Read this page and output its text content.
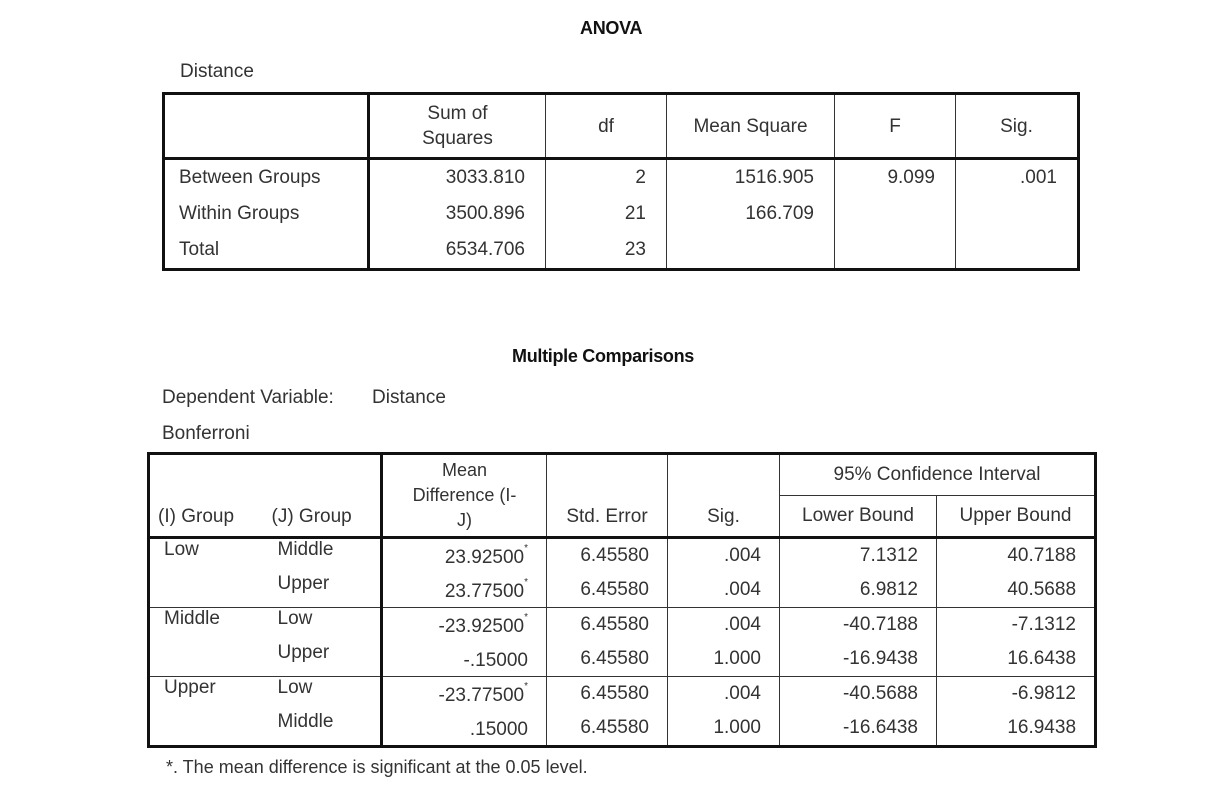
ANOVA
Distance
	Sum of
Squares	df	Mean Square	F	Sig.
Between Groups	3033.810	2	1516.905	9.099	.001
Within Groups	3500.896	21	166.709		
Total	6534.706	23			
Multiple Comparisons
Dependent Variable: Distance
Bonferroni
(I) Group	(J) Group	Mean
Difference (I-
J)	Std. Error	Sig.	95% Confidence Interval	
					Lower Bound	Upper Bound
Low	Middle	23.92500*	6.45580	.004	7.1312	40.7188
	Upper	23.77500*	6.45580	.004	6.9812	40.5688
Middle	Low	-23.92500*	6.45580	.004	-40.7188	-7.1312
	Upper	-.15000	6.45580	1.000	-16.9438	16.6438
Upper	Low	-23.77500*	6.45580	.004	-40.5688	-6.9812
	Middle	.15000	6.45580	1.000	-16.6438	16.9438
*. The mean difference is significant at the 0.05 level.
